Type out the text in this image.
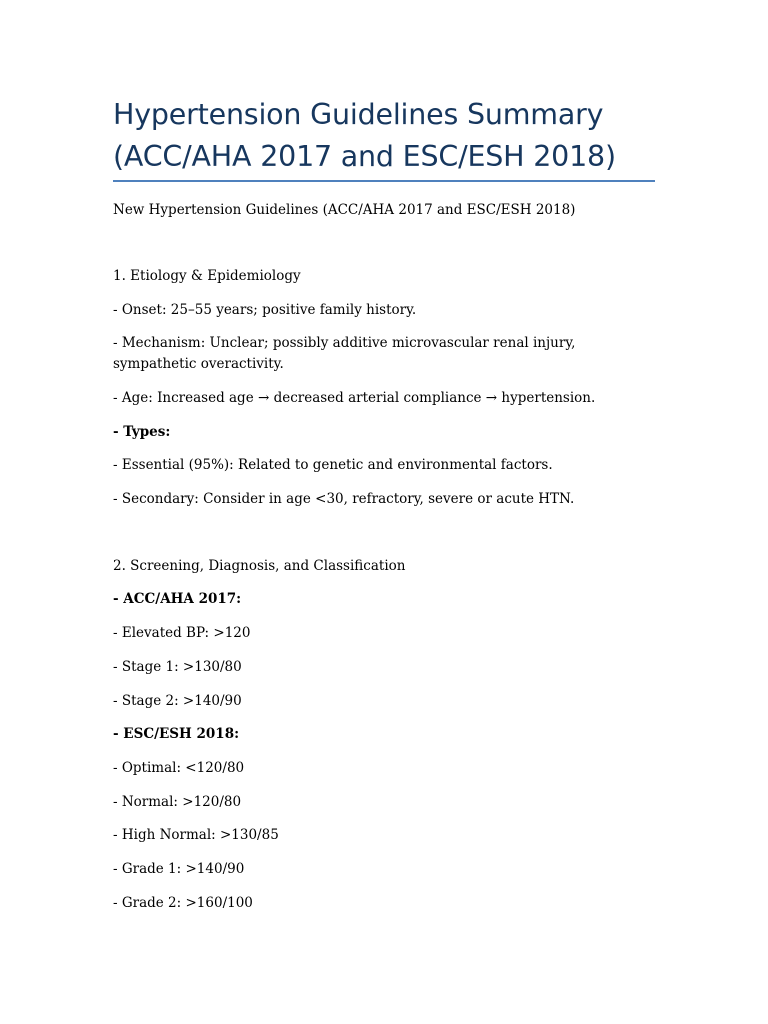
Hypertension Guidelines Summary
(ACC/AHA 2017 and ESC/ESH 2018)
New Hypertension Guidelines (ACC/AHA 2017 and ESC/ESH 2018)
1. Etiology & Epidemiology
- Onset: 25–55 years; positive family history.
- Mechanism: Unclear; possibly additive microvascular renal injury, sympathetic overactivity.
- Age: Increased age → decreased arterial compliance → hypertension.
- Types:
- Essential (95%): Related to genetic and environmental factors.
- Secondary: Consider in age <30, refractory, severe or acute HTN.
2. Screening, Diagnosis, and Classification
- ACC/AHA 2017:
- Elevated BP: >120
- Stage 1: >130/80
- Stage 2: >140/90
- ESC/ESH 2018:
- Optimal: <120/80
- Normal: >120/80
- High Normal: >130/85
- Grade 1: >140/90
- Grade 2: >160/100
